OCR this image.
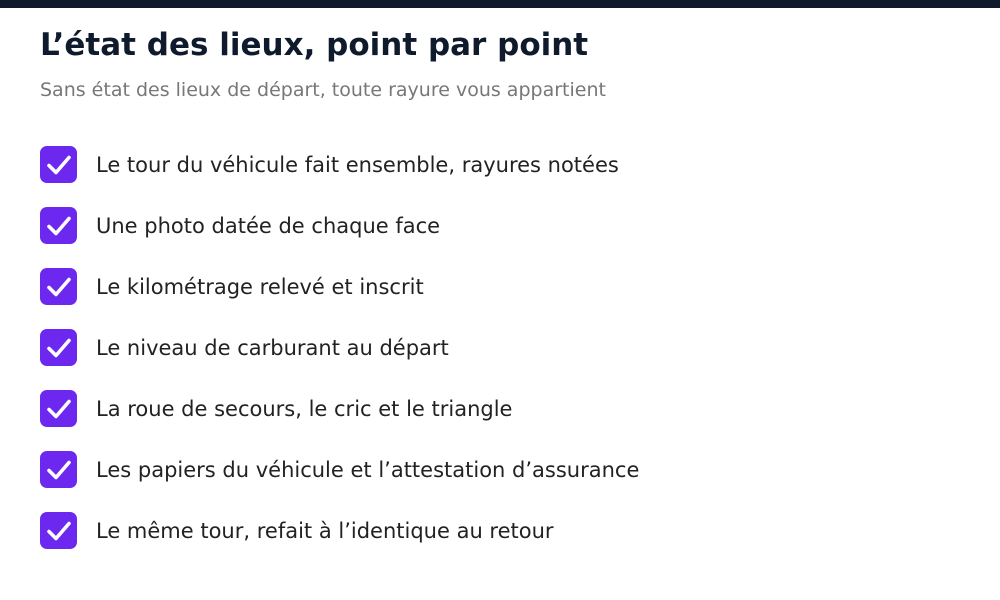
L’état des lieux, point par point

Sans état des lieux de départ, toute rayure vous appartient

Le tour du véhicule fait ensemble, rayures notées
Une photo datée de chaque face
Le kilométrage relevé et inscrit
Le niveau de carburant au départ
La roue de secours, le cric et le triangle
Les papiers du véhicule et l’attestation d’assurance
Le même tour, refait à l’identique au retour
